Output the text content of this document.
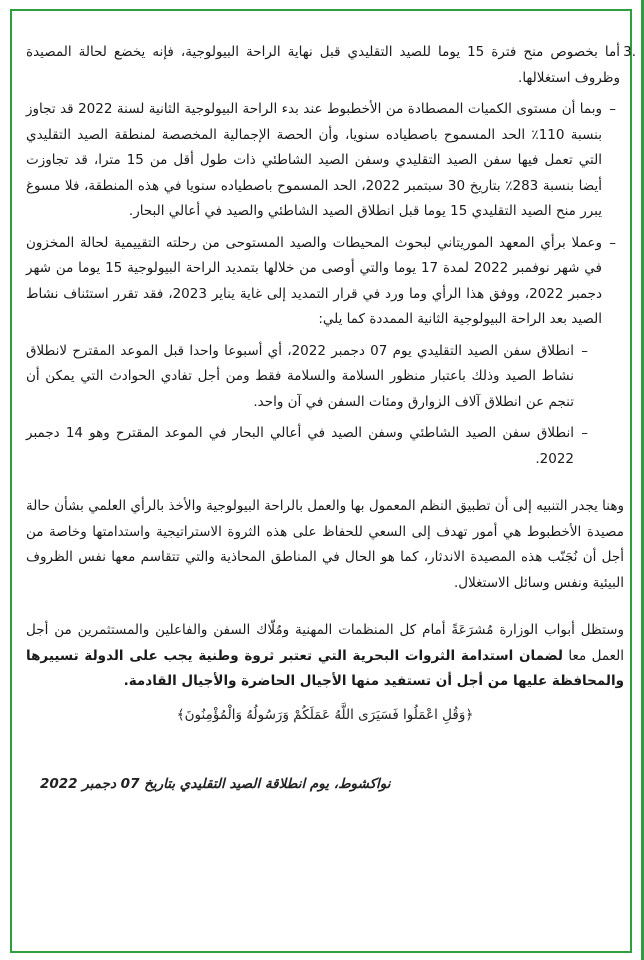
3.
أما بخصوص منح فترة 15 يوما للصيد التقليدي قبل نهاية الراحة البيولوجية، فإنه يخضع لحالة المصيدة وظروف استغلالها.

–
وبما أن مستوى الكميات المصطادة من الأخطبوط عند بدء الراحة البيولوجية الثانية لسنة 2022 قد تجاوز بنسبة 110٪ الحد المسموح باصطياده سنويا، وأن الحصة الإجمالية المخصصة لمنطقة الصيد التقليدي التي تعمل فيها سفن الصيد التقليدي وسفن الصيد الشاطئي ذات طول أقل من 15 مترا، قد تجاوزت أيضا بنسبة 283٪ بتاريخ 30 سبتمبر 2022، الحد المسموح باصطياده سنويا في هذه المنطقة، فلا مسوغ يبرر منح الصيد التقليدي 15 يوما قبل انطلاق الصيد الشاطئي والصيد في أعالي البحار.

–
وعملا برأي المعهد الموريتاني لبحوث المحيطات والصيد المستوحى من رحلته التقييمية لحالة المخزون في شهر نوفمبر 2022 لمدة 17 يوما والتي أوصى من خلالها بتمديد الراحة البيولوجية 15 يوما من شهر دجمبر 2022، ووفق هذا الرأي وما ورد في قرار التمديد إلى غاية يناير 2023، فقد تقرر استئناف نشاط الصيد بعد الراحة البيولوجية الثانية الممددة كما يلي:

–
انطلاق سفن الصيد التقليدي يوم 07 دجمبر 2022، أي أسبوعا واحدا قبل الموعد المقترح لانطلاق نشاط الصيد وذلك باعتبار منظور السلامة والسلامة فقط ومن أجل تفادي الحوادث التي يمكن أن تنجم عن انطلاق آلاف الزوارق ومئات السفن في آن واحد.

–
انطلاق سفن الصيد الشاطئي وسفن الصيد في أعالي البحار في الموعد المقترح وهو 14 دجمبر 2022.

وهنا يجدر التنبيه إلى أن تطبيق النظم المعمول بها والعمل بالراحة البيولوجية والأخذ بالرأي العلمي بشأن حالة مصيدة الأخطبوط هي أمور تهدف إلى السعي للحفاظ على هذه الثروة الاستراتيجية واستدامتها وخاصة من أجل أن نُجَنّب هذه المصيدة الاندثار، كما هو الحال في المناطق المحاذية والتي تتقاسم معها نفس الظروف البيئية ونفس وسائل الاستغلال.

وستظل أبواب الوزارة مُشرَعَةً أمام كل المنظمات المهنية ومُلّاك السفن والفاعلين والمستثمرين من أجل العمل معا لضمان استدامة الثروات البحرية التي تعتبر ثروة وطنية يجب على الدولة تسييرها والمحافظة عليها من أجل أن تستفيد منها الأجيال الحاضرة والأجيال القادمة.

﴿وَقُلِ اعْمَلُوا فَسَيَرَى اللَّهُ عَمَلَكُمْ وَرَسُولُهُ وَالْمُؤْمِنُونَ﴾
نواكشوط، يوم انطلاقة الصيد التقليدي بتاريخ 07 دجمبر 2022
